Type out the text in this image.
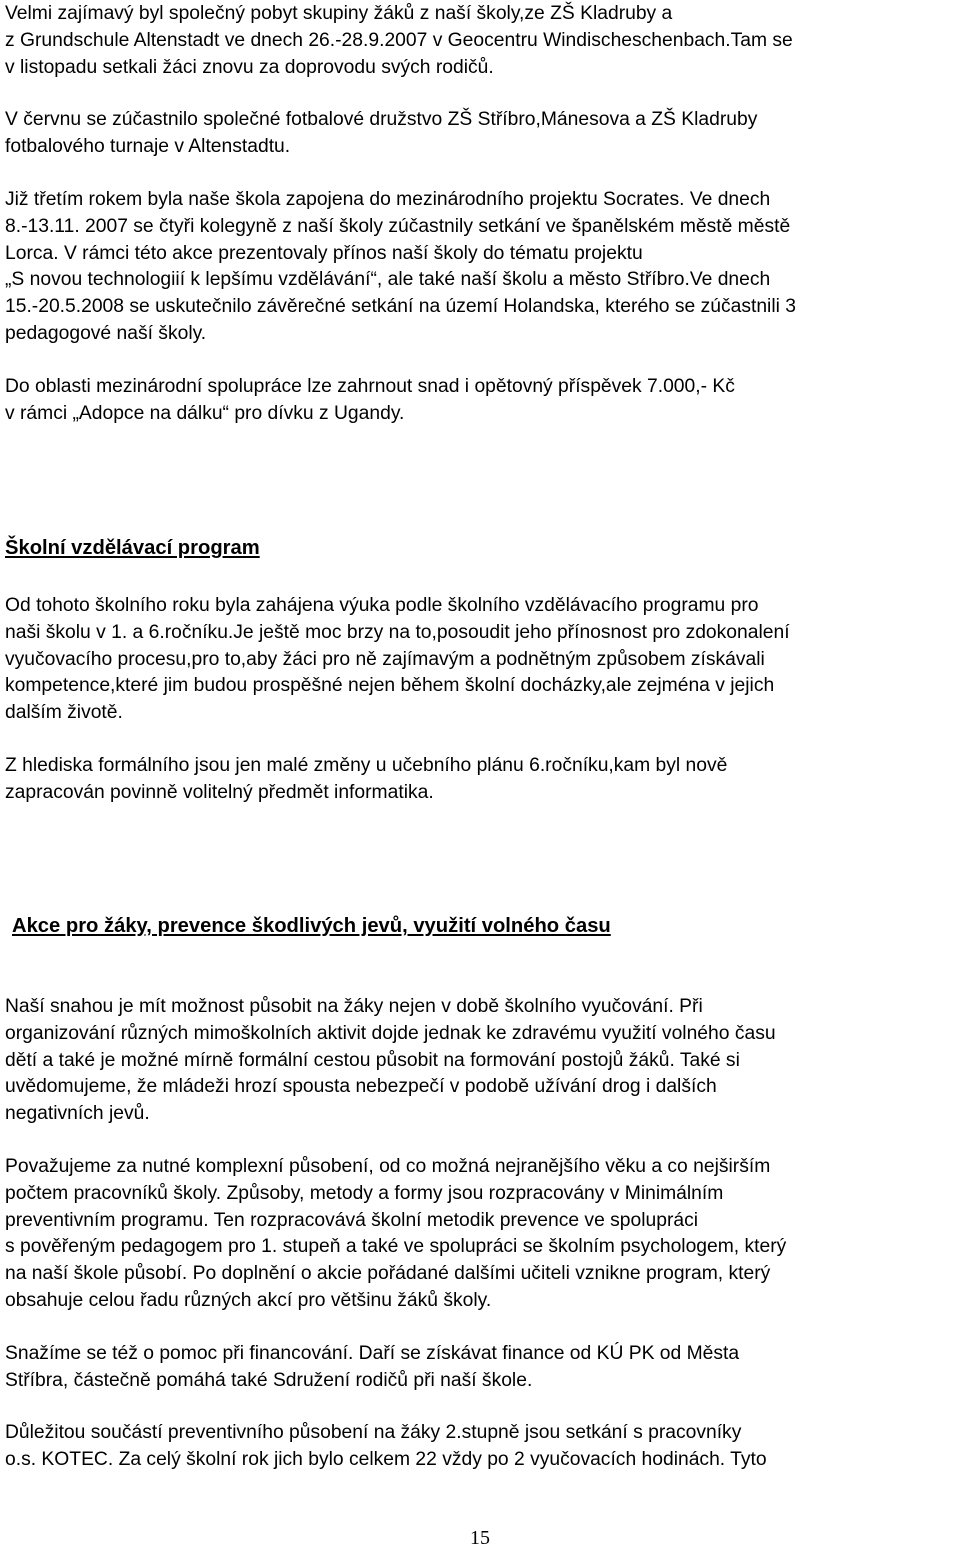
Velmi zajímavý byl společný pobyt skupiny žáků z naší školy,ze ZŠ Kladruby a
z Grundschule Altenstadt ve dnech 26.-28.9.2007 v Geocentru Windischeschenbach.Tam se
v listopadu setkali žáci znovu za doprovodu svých rodičů.

V červnu se zúčastnilo společné fotbalové družstvo ZŠ Stříbro,Mánesova a ZŠ Kladruby
fotbalového turnaje v Altenstadtu.

Již třetím rokem byla naše škola zapojena do mezinárodního projektu Socrates. Ve dnech
8.-13.11. 2007 se čtyři kolegyně z naší školy zúčastnily setkání ve španělském městě městě
Lorca. V rámci této akce prezentovaly přínos naší školy do tématu projektu
„S novou technologiií k lepšímu vzdělávání“, ale také naší školu a město Stříbro.Ve dnech
15.-20.5.2008 se uskutečnilo závěrečné setkání na území Holandska, kterého se zúčastnili 3
pedagogové naší školy.

Do oblasti mezinárodní spolupráce lze zahrnout snad i opětovný příspěvek 7.000,- Kč
v rámci „Adopce na dálku“ pro dívku z Ugandy.

Školní vzdělávací program

Od tohoto školního roku byla zahájena výuka podle školního vzdělávacího programu pro
naši školu v 1. a 6.ročníku.Je ještě moc brzy na to,posoudit jeho přínosnost pro zdokonalení
vyučovacího procesu,pro to,aby žáci pro ně zajímavým a podnětným způsobem získávali
kompetence,které jim budou prospěšné nejen během školní docházky,ale zejména v jejich
dalším životě.

Z hlediska formálního jsou jen malé změny u učebního plánu 6.ročníku,kam byl nově
zapracován povinně volitelný předmět informatika.

Akce pro žáky, prevence škodlivých jevů, využití volného času

Naší snahou je mít možnost působit na žáky nejen v době školního vyučování. Při
organizování různých mimoškolních aktivit dojde jednak ke zdravému využití volného času
dětí a také je možné mírně formální cestou působit na formování postojů žáků. Také si
uvědomujeme, že mládeži hrozí spousta nebezpečí v podobě užívání drog i dalších
negativních jevů.

Považujeme za nutné komplexní působení, od co možná nejranějšího věku a co nejširším
počtem pracovníků školy. Způsoby, metody a formy jsou rozpracovány v Minimálním
preventivním programu. Ten rozpracovává školní metodik prevence ve spolupráci
s pověřeným pedagogem pro 1. stupeň a také ve spolupráci se školním psychologem, který
na naší škole působí. Po doplnění o akcie pořádané dalšími učiteli vznikne program, který
obsahuje celou řadu různých akcí pro většinu žáků školy.

Snažíme se též o pomoc při financování. Daří se získávat finance od KÚ PK od Města
Stříbra, částečně pomáhá také Sdružení rodičů při naší škole.

Důležitou součástí preventivního působení na žáky 2.stupně jsou setkání s pracovníky
o.s. KOTEC. Za celý školní rok jich bylo celkem 22 vždy po 2 vyučovacích hodinách. Tyto

15
